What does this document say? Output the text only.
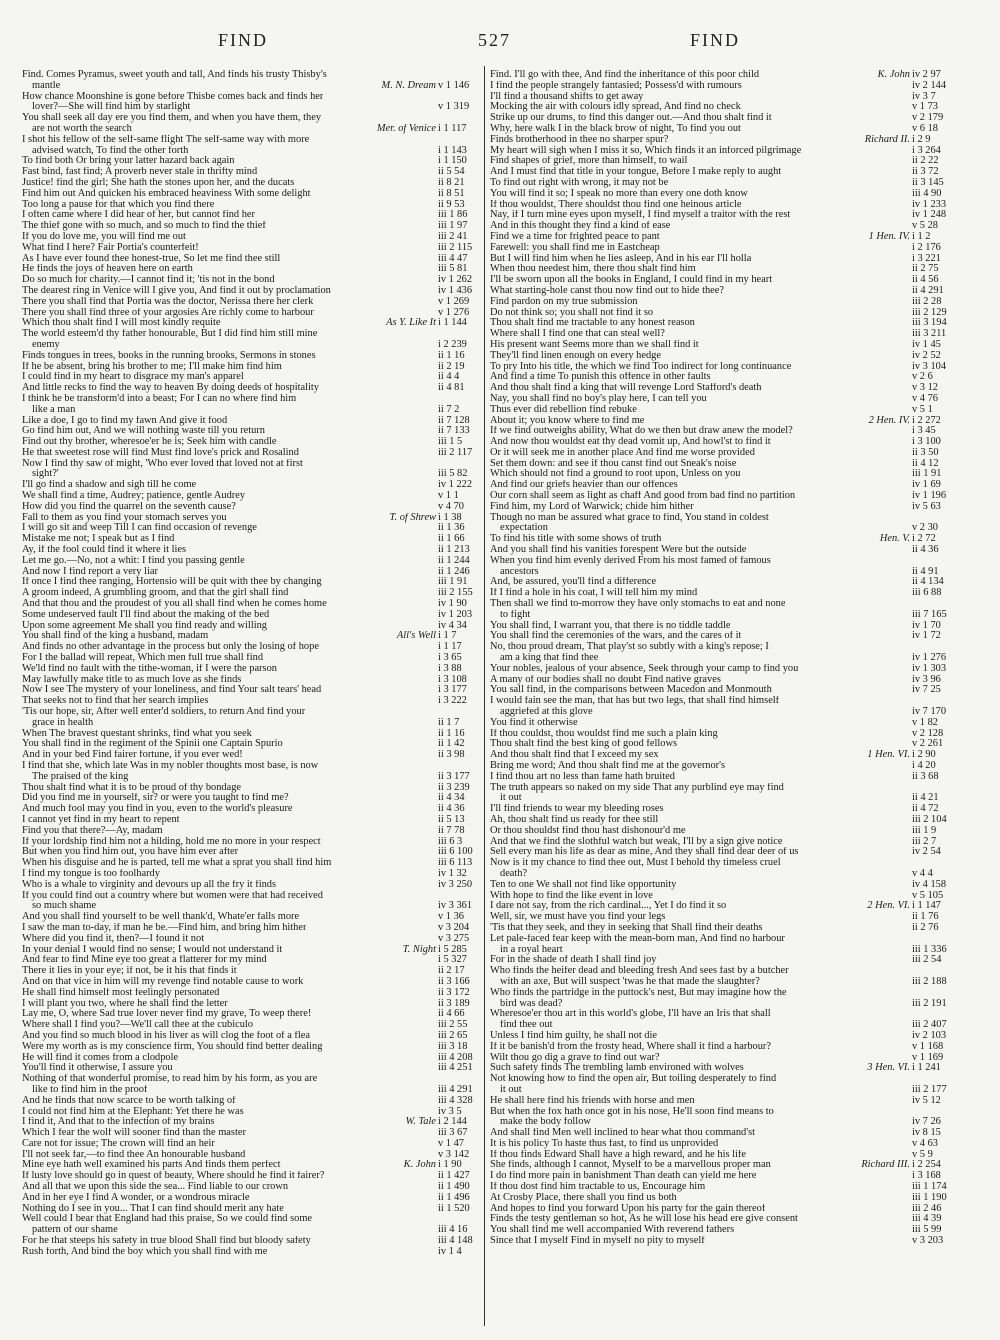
FIND	527	FIND
Find. Comes Pyramus, sweet youth and tall, And finds his trusty Thisby's
mantle	M. N. Dream v 1 146
How chance Moonshine is gone before Thisbe comes back and finds her
lover?—She will find him by starlight	v 1 319
You shall seek all day ere you find them, and when you have them, they
are not worth the search	Mer. of Venice i 1 117
I shot his fellow of the self-same flight The self-same way with more
advised watch, To find the other forth	i 1 143
To find both Or bring your latter hazard back again	i 1 150
Fast bind, fast find; A proverb never stale in thrifty mind	ii 5 54
Justice! find the girl; She hath the stones upon her, and the ducats	ii 8 21
Find him out And quicken his embraced heaviness With some delight	ii 8 51
Too long a pause for that which you find there	ii 9 53
I often came where I did hear of her, but cannot find her	iii 1 86
The thief gone with so much, and so much to find the thief	iii 1 97
If you do love me, you will find me out	iii 2 41
What find I here? Fair Portia's counterfeit!	iii 2 115
As I have ever found thee honest-true, So let me find thee still	iii 4 47
He finds the joys of heaven here on earth	iii 5 81
Do so much for charity.—I cannot find it; 'tis not in the bond	iv 1 262
The dearest ring in Venice will I give you, And find it out by proclamation	iv 1 436
There you shall find that Portia was the doctor, Nerissa there her clerk	v 1 269
There you shall find three of your argosies Are richly come to harbour	v 1 276
Which thou shalt find I will most kindly requite	As Y. Like It i 1 144
The world esteem'd thy father honourable, But I did find him still mine
enemy	i 2 239
Finds tongues in trees, books in the running brooks, Sermons in stones	ii 1 16
If he be absent, bring his brother to me; I'll make him find him	ii 2 19
I could find in my heart to disgrace my man's apparel	ii 4 4
And little recks to find the way to heaven By doing deeds of hospitality	ii 4 81
I think he be transform'd into a beast; For I can no where find him
like a man	ii 7 2
Like a doe, I go to find my fawn And give it food	ii 7 128
Go find him out, And we will nothing waste till you return	ii 7 133
Find out thy brother, wheresoe'er he is; Seek him with candle	iii 1 5
He that sweetest rose will find Must find love's prick and Rosalind	iii 2 117
Now I find thy saw of might, 'Who ever loved that loved not at first
sight?'	iii 5 82
I'll go find a shadow and sigh till he come	iv 1 222
We shall find a time, Audrey; patience, gentle Audrey	v 1 1
How did you find the quarrel on the seventh cause?	v 4 70
Fall to them as you find your stomach serves you	T. of Shrew i 1 38
I will go sit and weep Till I can find occasion of revenge	ii 1 36
Mistake me not; I speak but as I find	ii 1 66
Ay, if the fool could find it where it lies	ii 1 213
Let me go.—No, not a whit: I find you passing gentle	ii 1 244
And now I find report a very liar	ii 1 246
If once I find thee ranging, Hortensio will be quit with thee by changing	iii 1 91
A groom indeed, A grumbling groom, and that the girl shall find	iii 2 155
And that thou and the proudest of you all shall find when he comes home	iv 1 90
Some undeserved fault I'll find about the making of the bed	iv 1 203
Upon some agreement Me shall you find ready and willing	iv 4 34
You shall find of the king a husband, madam	All's Well i 1 7
And finds no other advantage in the process but only the losing of hope	i 1 17
For I the ballad will repeat, Which men full true shall find	i 3 65
We'ld find no fault with the tithe-woman, if I were the parson	i 3 88
May lawfully make title to as much love as she finds	i 3 108
Now I see The mystery of your loneliness, and find Your salt tears' head	i 3 177
That seeks not to find that her search implies	i 3 222
'Tis our hope, sir, After well enter'd soldiers, to return And find your
grace in health	ii 1 7
When The bravest questant shrinks, find what you seek	ii 1 16
You shall find in the regiment of the Spinii one Captain Spurio	ii 1 42
And in your bed Find fairer fortune, if you ever wed!	ii 3 98
I find that she, which late Was in my nobler thoughts most base, is now
The praised of the king	ii 3 177
Thou shalt find what it is to be proud of thy bondage	ii 3 239
Did you find me in yourself, sir? or were you taught to find me?	ii 4 34
And much fool may you find in you, even to the world's pleasure	ii 4 36
I cannot yet find in my heart to repent	ii 5 13
Find you that there?—Ay, madam	ii 7 78
If your lordship find him not a hilding, hold me no more in your respect	iii 6 3
But when you find him out, you have him ever after	iii 6 100
When his disguise and he is parted, tell me what a sprat you shall find him	iii 6 113
I find my tongue is too foolhardy	iv 1 32
Who is a whale to virginity and devours up all the fry it finds	iv 3 250
If you could find out a country where but women were that had received
so much shame	iv 3 361
And you shall find yourself to be well thank'd, Whate'er falls more	v 1 36
I saw the man to-day, if man he be.—Find him, and bring him hither	v 3 204
Where did you find it, then?—I found it not	v 3 275
In your denial I would find no sense; I would not understand it	T. Night i 5 285
And fear to find Mine eye too great a flatterer for my mind	i 5 327
There it lies in your eye; if not, be it his that finds it	ii 2 17
And on that vice in him will my revenge find notable cause to work	ii 3 166
He shall find himself most feelingly personated	ii 3 172
I will plant you two, where he shall find the letter	ii 3 189
Lay me, O, where Sad true lover never find my grave, To weep there!	ii 4 66
Where shall I find you?—We'll call thee at the cubiculo	iii 2 55
And you find so much blood in his liver as will clog the foot of a flea	iii 2 65
Were my worth as is my conscience firm, You should find better dealing	iii 3 18
He will find it comes from a clodpole	iii 4 208
You'll find it otherwise, I assure you	iii 4 251
Nothing of that wonderful promise, to read him by his form, as you are
like to find him in the proof	iii 4 291
And he finds that now scarce to be worth talking of	iii 4 328
I could not find him at the Elephant: Yet there he was	iv 3 5
I find it, And that to the infection of my brains	W. Tale i 2 144
Which I fear the wolf will sooner find than the master	iii 3 67
Care not for issue; The crown will find an heir	v 1 47
I'll not seek far,—to find thee An honourable husband	v 3 142
Mine eye hath well examined his parts And finds them perfect	K. John i 1 90
If lusty love should go in quest of beauty, Where should he find it fairer?	ii 1 427
And all that we upon this side the sea... Find liable to our crown	ii 1 490
And in her eye I find A wonder, or a wondrous miracle	ii 1 496
Nothing do I see in you... That I can find should merit any hate	ii 1 520
Well could I bear that England had this praise, So we could find some
pattern of our shame	iii 4 16
For he that steeps his safety in true blood Shall find but bloody safety	iii 4 148
Rush forth, And bind the boy which you shall find with me	iv 1 4
Find. I'll go with thee, And find the inheritance of this poor child	K. John iv 2 97
I find the people strangely fantasied; Possess'd with rumours	iv 2 144
I'll find a thousand shifts to get away	iv 3 7
Mocking the air with colours idly spread, And find no check	v 1 73
Strike up our drums, to find this danger out.—And thou shalt find it	v 2 179
Why, here walk I in the black brow of night, To find you out	v 6 18
Finds brotherhood in thee no sharper spur?	Richard II. i 2 9
My heart will sigh when I miss it so, Which finds it an inforced pilgrimage	i 3 264
Find shapes of grief, more than himself, to wail	ii 2 22
And I must find that title in your tongue, Before I make reply to aught	ii 3 72
To find out right with wrong, it may not be	ii 3 145
You will find it so; I speak no more than every one doth know	iii 4 90
If thou wouldst, There shouldst thou find one heinous article	iv 1 233
Nay, if I turn mine eyes upon myself, I find myself a traitor with the rest	iv 1 248
And in this thought they find a kind of ease	v 5 28
Find we a time for frighted peace to pant	1 Hen. IV. i 1 2
Farewell: you shall find me in Eastcheap	i 2 176
But I will find him when he lies asleep, And in his ear I'll holla	i 3 221
When thou needest him, there thou shalt find him	ii 2 75
I'll be sworn upon all the books in England, I could find in my heart	ii 4 56
What starting-hole canst thou now find out to hide thee?	ii 4 291
Find pardon on my true submission	iii 2 28
Do not think so; you shall not find it so	iii 2 129
Thou shalt find me tractable to any honest reason	iii 3 194
Where shall I find one that can steal well?	iii 3 211
His present want Seems more than we shall find it	iv 1 45
They'll find linen enough on every hedge	iv 2 52
To pry Into his title, the which we find Too indirect for long continuance	iv 3 104
And find a time To punish this offence in other faults	v 2 6
And thou shalt find a king that will revenge Lord Stafford's death	v 3 12
Nay, you shall find no boy's play here, I can tell you	v 4 76
Thus ever did rebellion find rebuke	v 5 1
About it; you know where to find me	2 Hen. IV. i 2 272
If we find outweighs ability, What do we then but draw anew the model?	i 3 45
And now thou wouldst eat thy dead vomit up, And howl'st to find it	i 3 100
Or it will seek me in another place And find me worse provided	ii 3 50
Set them down: and see if thou canst find out Sneak's noise	ii 4 12
Which should not find a ground to root upon, Unless on you	iii 1 91
And find our griefs heavier than our offences	iv 1 69
Our corn shall seem as light as chaff And good from bad find no partition	iv 1 196
Find him, my Lord of Warwick; chide him hither	iv 5 63
Though no man be assured what grace to find, You stand in coldest
expectation	v 2 30
To find his title with some shows of truth	Hen. V. i 2 72
And you shall find his vanities forespent Were but the outside	ii 4 36
When you find him evenly derived From his most famed of famous
ancestors	ii 4 91
And, be assured, you'll find a difference	ii 4 134
If I find a hole in his coat, I will tell him my mind	iii 6 88
Then shall we find to-morrow they have only stomachs to eat and none
to fight	iii 7 165
You shall find, I warrant you, that there is no tiddle taddle	iv 1 70
You shall find the ceremonies of the wars, and the cares of it	iv 1 72
No, thou proud dream, That play'st so subtly with a king's repose; I
am a king that find thee	iv 1 276
Your nobles, jealous of your absence, Seek through your camp to find you	iv 1 303
A many of our bodies shall no doubt Find native graves	iv 3 96
You sall find, in the comparisons between Macedon and Monmouth	iv 7 25
I would fain see the man, that has but two legs, that shall find himself
aggriefed at this glove	iv 7 170
You find it otherwise	v 1 82
If thou couldst, thou wouldst find me such a plain king	v 2 128
Thou shalt find the best king of good fellows	v 2 261
And thou shalt find that I exceed my sex	1 Hen. VI. i 2 90
Bring me word; And thou shalt find me at the governor's	i 4 20
I find thou art no less than fame hath bruited	ii 3 68
The truth appears so naked on my side That any purblind eye may find
it out	ii 4 21
I'll find friends to wear my bleeding roses	ii 4 72
Ah, thou shalt find us ready for thee still	iii 2 104
Or thou shouldst find thou hast dishonour'd me	iii 1 9
And that we find the slothful watch but weak, I'll by a sign give notice	iii 2 7
Sell every man his life as dear as mine, And they shall find dear deer of us	iv 2 54
Now is it my chance to find thee out, Must I behold thy timeless cruel
death?	v 4 4
Ten to one We shall not find like opportunity	iv 4 158
With hope to find the like event in love	v 5 105
I dare not say, from the rich cardinal..., Yet I do find it so	2 Hen. VI. i 1 147
Well, sir, we must have you find your legs	ii 1 76
'Tis that they seek, and they in seeking that Shall find their deaths	ii 2 76
Let pale-faced fear keep with the mean-born man, And find no harbour
in a royal heart	iii 1 336
For in the shade of death I shall find joy	iii 2 54
Who finds the heifer dead and bleeding fresh And sees fast by a butcher
with an axe, But will suspect 'twas he that made the slaughter?	iii 2 188
Who finds the partridge in the puttock's nest, But may imagine how the
bird was dead?	iii 2 191
Wheresoe'er thou art in this world's globe, I'll have an Iris that shall
find thee out	iii 2 407
Unless I find him guilty, he shall not die	iv 2 103
If it be banish'd from the frosty head, Where shall it find a harbour?	v 1 168
Wilt thou go dig a grave to find out war?	v 1 169
Such safety finds The trembling lamb environed with wolves	3 Hen. VI. i 1 241
Not knowing how to find the open air, But toiling desperately to find
it out	iii 2 177
He shall here find his friends with horse and men	iv 5 12
But when the fox hath once got in his nose, He'll soon find means to
make the body follow	iv 7 26
And shall find Men well inclined to hear what thou command'st	iv 8 15
It is his policy To haste thus fast, to find us unprovided	v 4 63
If thou finds Edward Shall have a high reward, and he his life	v 5 9
She finds, although I cannot, Myself to be a marvellous proper man	Richard III. i 2 254
I do find more pain in banishment Than death can yield me here	i 3 168
If thou dost find him tractable to us, Encourage him	iii 1 174
At Crosby Place, there shall you find us both	iii 1 190
And hopes to find you forward Upon his party for the gain thereof	iii 2 46
Finds the testy gentleman so hot, As he will lose his head ere give consent	iii 4 39
You shall find me well accompanied With reverend fathers	iii 5 99
Since that I myself Find in myself no pity to myself	v 3 203
